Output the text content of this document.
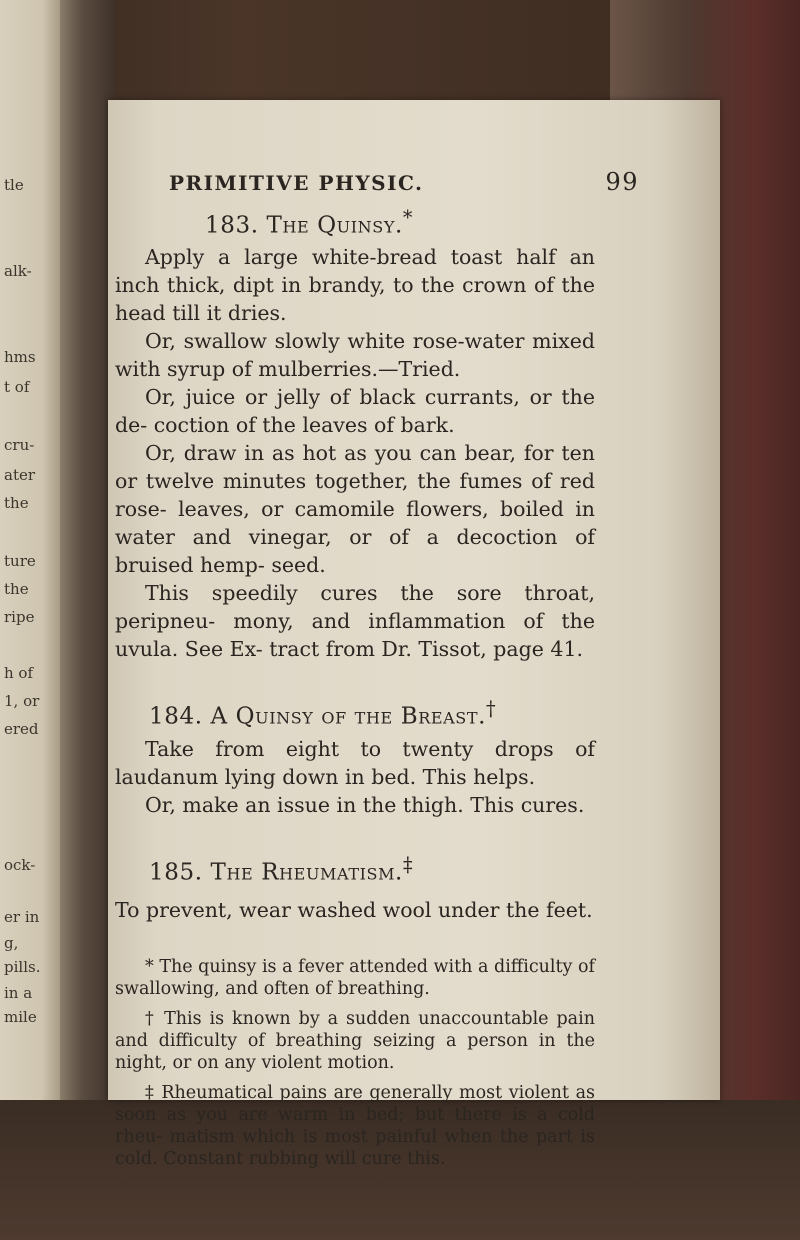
tle
alk-
hms
t of
cru-
ater
the
ture
the
ripe
h of
1, or
ered
ock-
er in
g,
pills.
in a
mile
PRIMITIVE PHYSIC.	99
183. The Quinsy.*

Apply a large white-bread toast half an inch thick, dipt in brandy, to the crown of the head till it dries.

Or, swallow slowly white rose-water mixed with syrup of mulberries.—Tried.

Or, juice or jelly of black currants, or the de- coction of the leaves of bark.

Or, draw in as hot as you can bear, for ten or twelve minutes together, the fumes of red rose- leaves, or camomile flowers, boiled in water and vinegar, or of a decoction of bruised hemp- seed.

This speedily cures the sore throat, peripneu- mony, and inflammation of the uvula. See Ex- tract from Dr. Tissot, page 41.

184. A Quinsy of the Breast.†

Take from eight to twenty drops of laudanum lying down in bed. This helps.

Or, make an issue in the thigh. This cures.

185. The Rheumatism.‡

To prevent, wear washed wool under the feet.

* The quinsy is a fever attended with a difficulty of swallowing, and often of breathing.

† This is known by a sudden unaccountable pain and difficulty of breathing seizing a person in the night, or on any violent motion.

‡ Rheumatical pains are generally most violent as soon as you are warm in bed; but there is a cold rheu- matism which is most painful when the part is cold. Constant rubbing will cure this.
